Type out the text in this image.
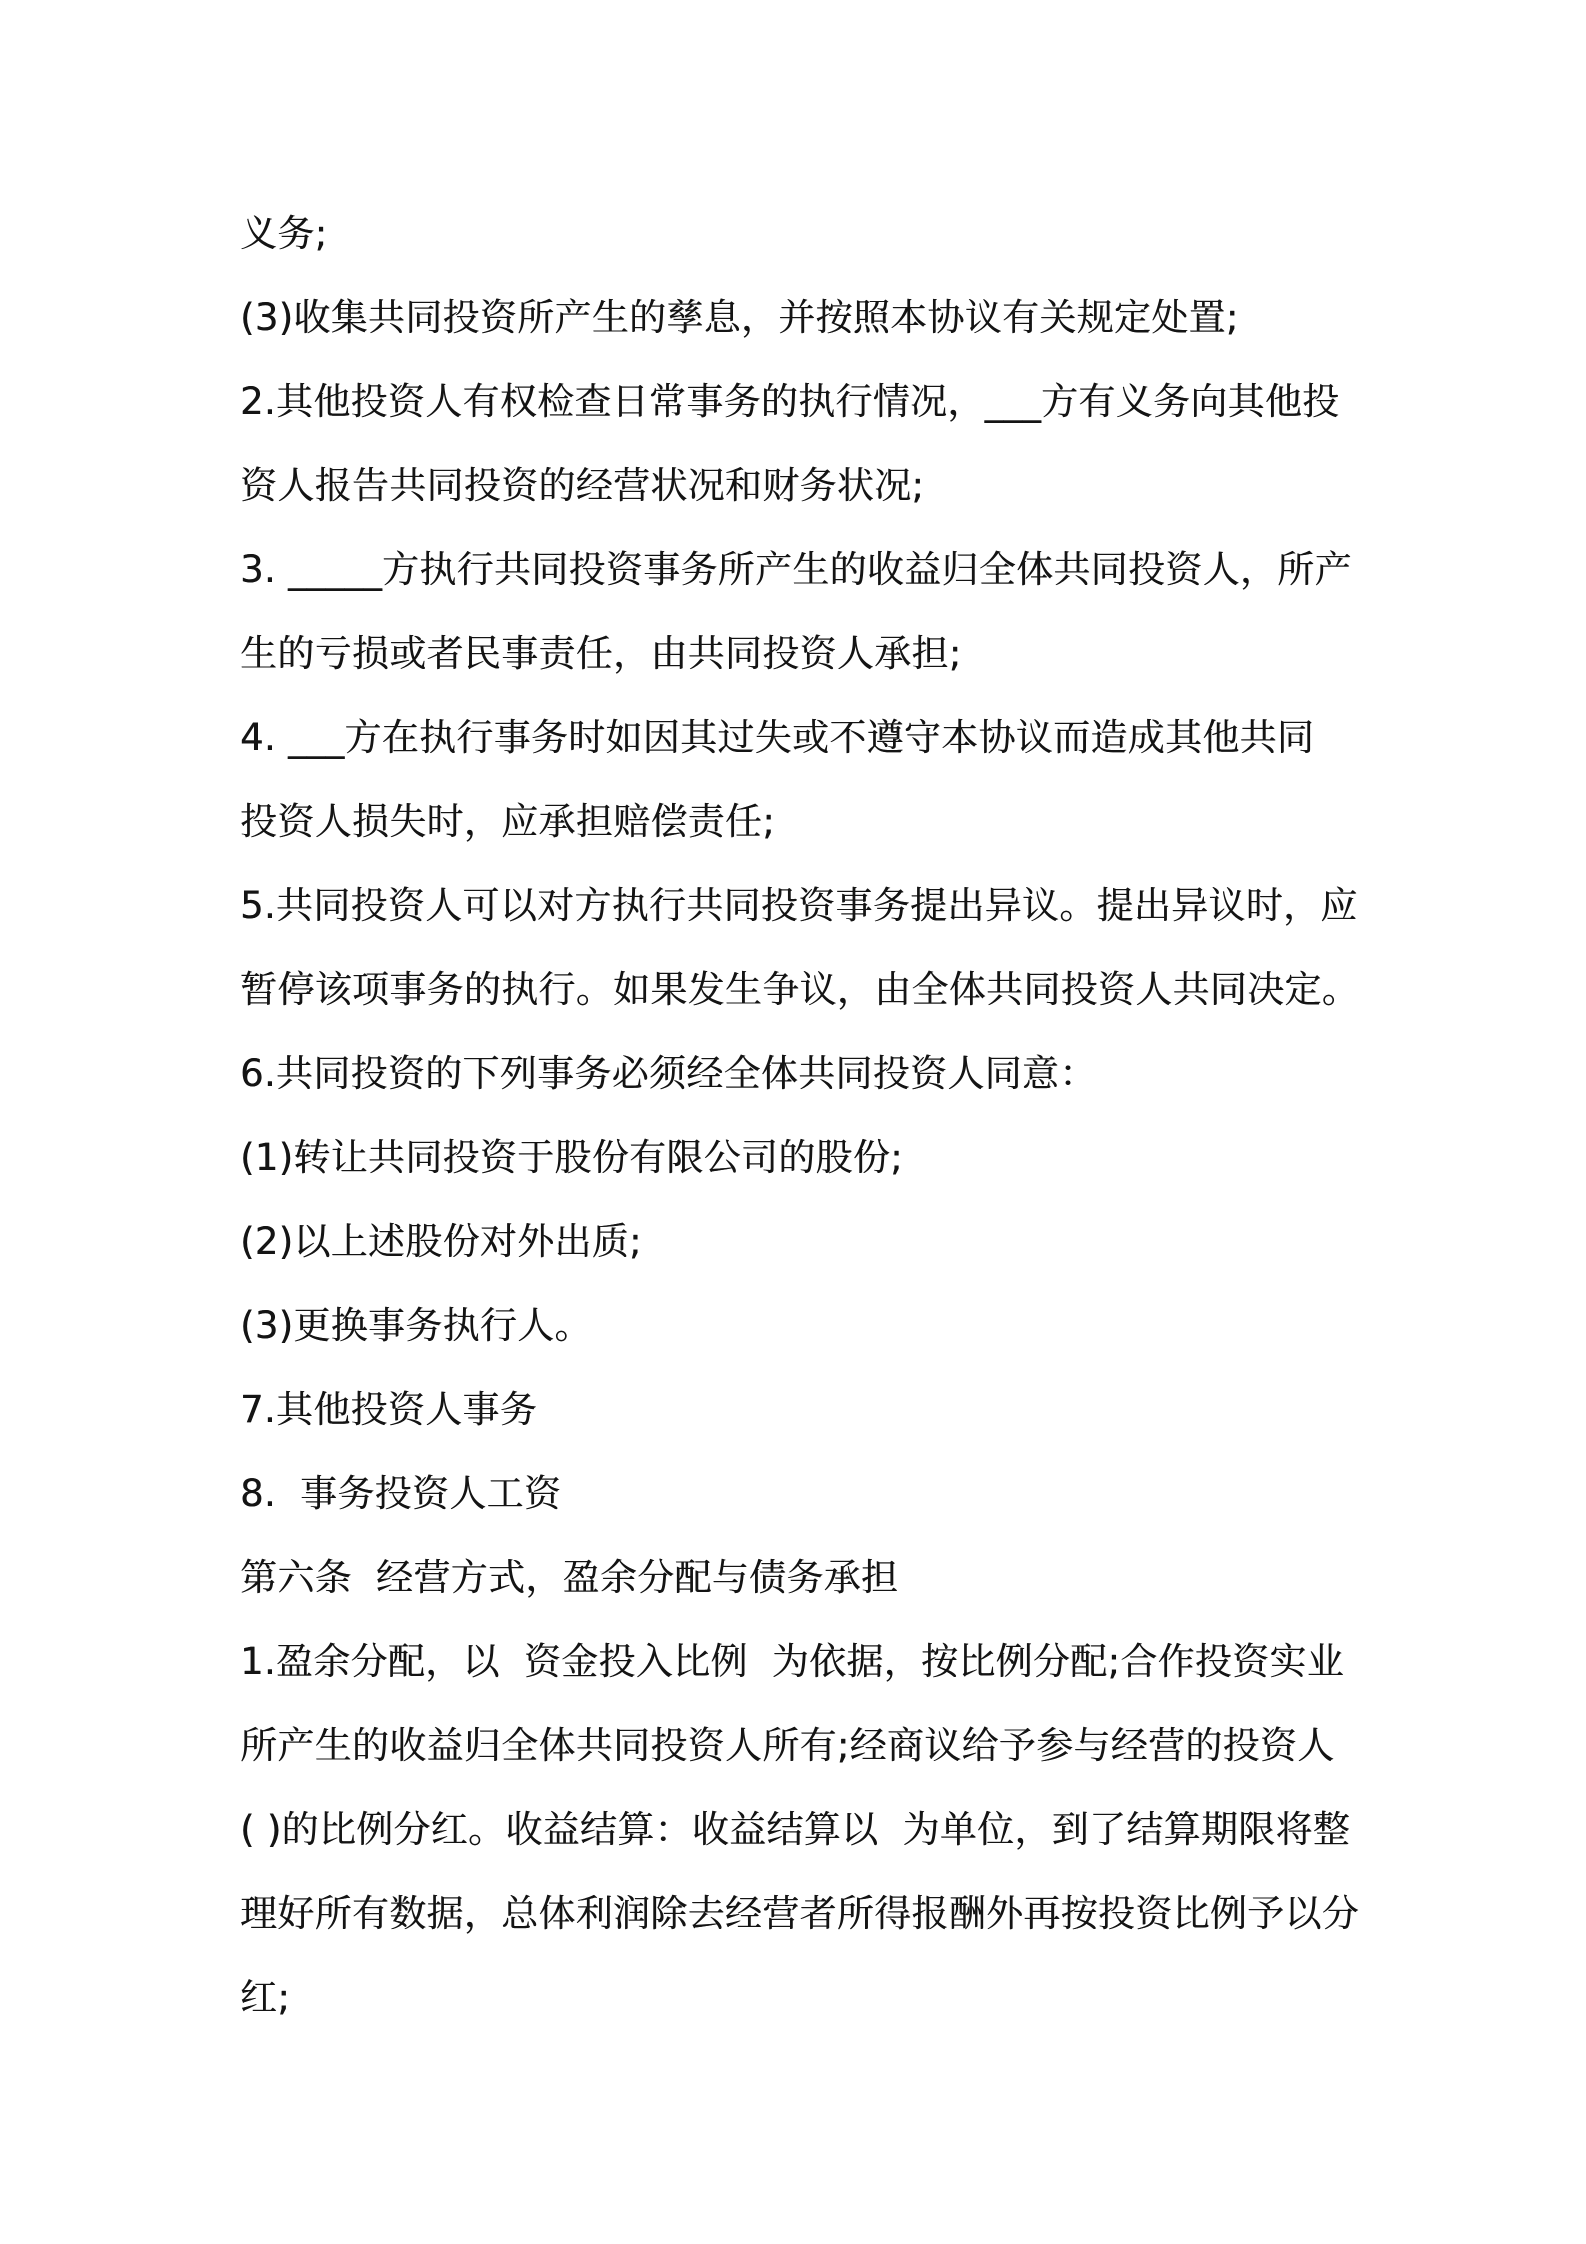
义务;
(3)收集共同投资所产生的孳息，并按照本协议有关规定处置;
2.其他投资人有权检查日常事务的执行情况，___方有义务向其他投
资人报告共同投资的经营状况和财务状况;
3. _____方执行共同投资事务所产生的收益归全体共同投资人，所产
生的亏损或者民事责任，由共同投资人承担;
4. ___方在执行事务时如因其过失或不遵守本协议而造成其他共同
投资人损失时，应承担赔偿责任;
5.共同投资人可以对方执行共同投资事务提出异议。提出异议时，应
暂停该项事务的执行。如果发生争议，由全体共同投资人共同决定。
6.共同投资的下列事务必须经全体共同投资人同意：
(1)转让共同投资于股份有限公司的股份;
(2)以上述股份对外出质;
(3)更换事务执行人。
7.其他投资人事务
8.  事务投资人工资
第六条  经营方式，盈余分配与债务承担
1.盈余分配，以  资金投入比例  为依据，按比例分配;合作投资实业
所产生的收益归全体共同投资人所有;经商议给予参与经营的投资人
( )的比例分红。收益结算：收益结算以  为单位，到了结算期限将整
理好所有数据，总体利润除去经营者所得报酬外再按投资比例予以分
红;
